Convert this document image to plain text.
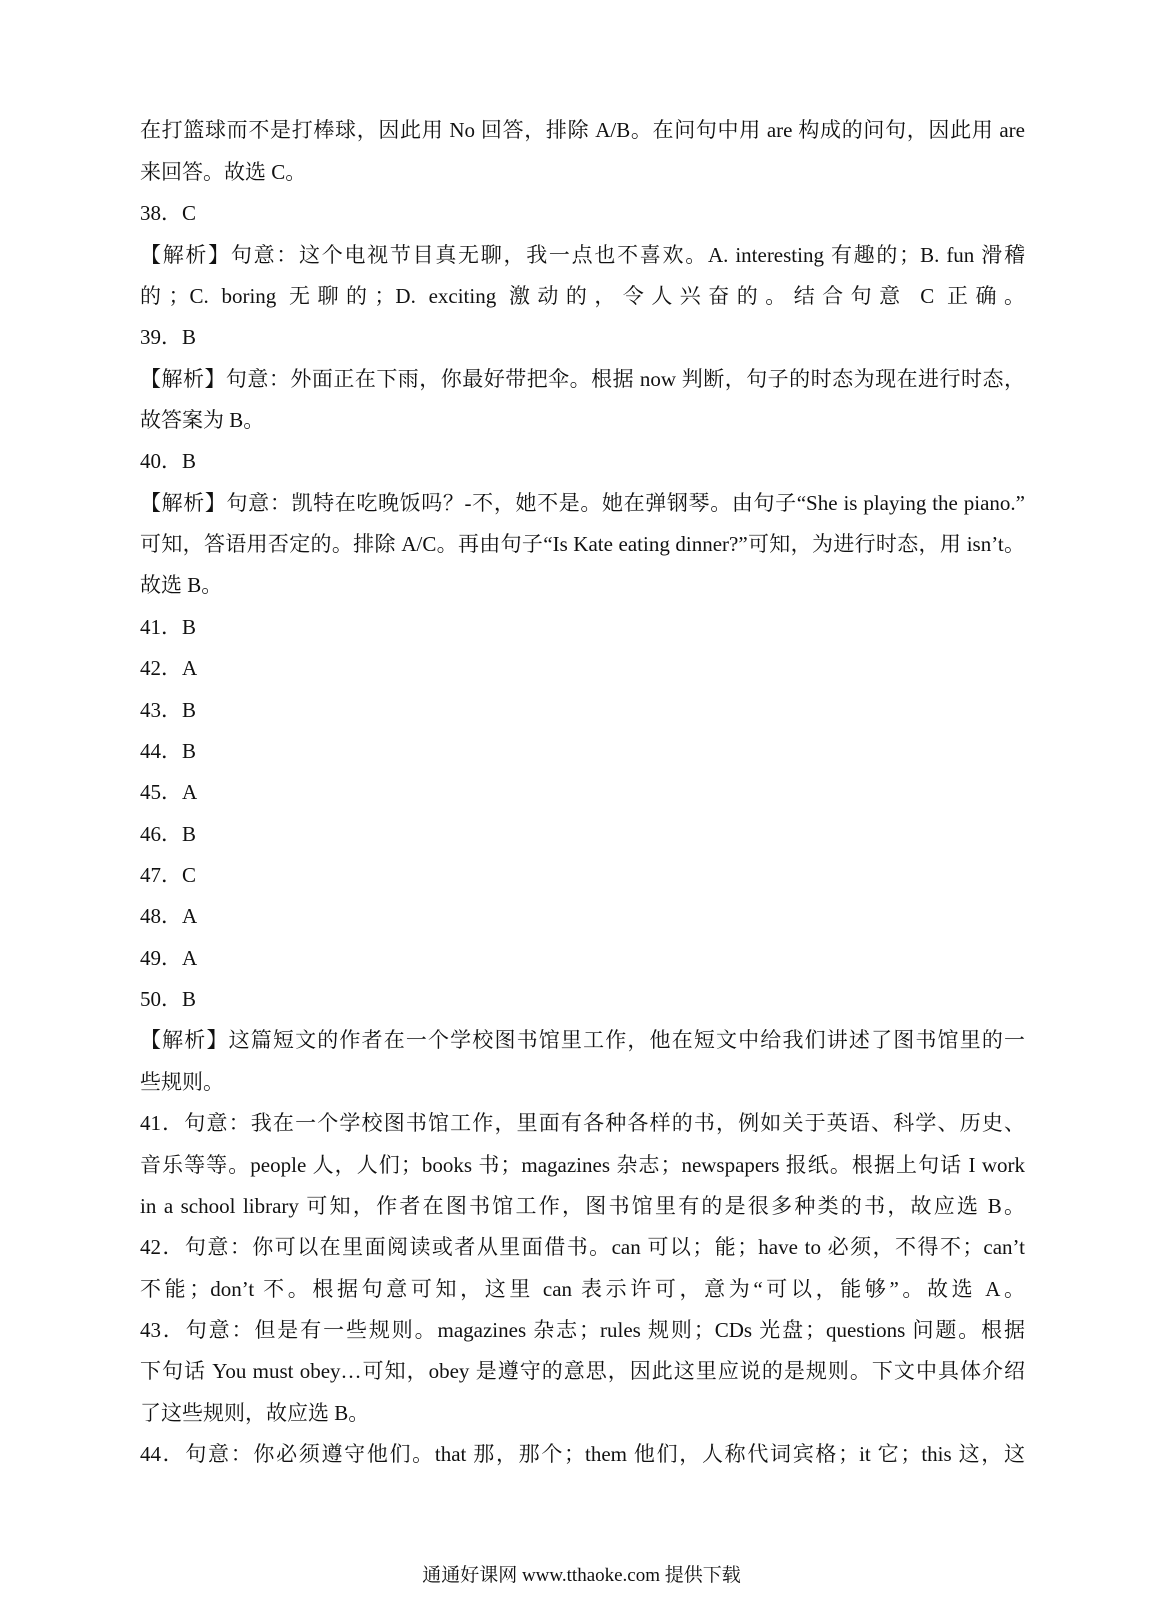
在打篮球而不是打棒球，因此用 No 回答，排除 A/B。在问句中用 are 构成的问句，因此用 are
来回答。故选 C。
38．C
【解析】句意：这个电视节目真无聊，我一点也不喜欢。A. interesting 有趣的；B. fun 滑稽
的；C. boring 无聊的；D. exciting 激动的，令人兴奋的。结合句意 C 正确。
39．B
【解析】句意：外面正在下雨，你最好带把伞。根据 now 判断，句子的时态为现在进行时态，
故答案为 B。
40．B
【解析】句意：凯特在吃晚饭吗？-不，她不是。她在弹钢琴。由句子“She is playing the piano.”
可知，答语用否定的。排除 A/C。再由句子“Is Kate eating dinner?”可知，为进行时态，用 isn’t。
故选 B。
41．B
42．A
43．B
44．B
45．A
46．B
47．C
48．A
49．A
50．B
【解析】这篇短文的作者在一个学校图书馆里工作，他在短文中给我们讲述了图书馆里的一
些规则。
41．句意：我在一个学校图书馆工作，里面有各种各样的书，例如关于英语、科学、历史、
音乐等等。people 人，人们；books 书；magazines 杂志；newspapers 报纸。根据上句话 I work
in a school library 可知，作者在图书馆工作，图书馆里有的是很多种类的书，故应选 B。
42．句意：你可以在里面阅读或者从里面借书。can 可以；能；have to 必须，不得不；can’t
不能；don’t 不。根据句意可知，这里 can 表示许可，意为“可以，能够”。故选 A。
43．句意：但是有一些规则。magazines 杂志；rules 规则；CDs 光盘；questions 问题。根据
下句话 You must obey…可知，obey 是遵守的意思，因此这里应说的是规则。下文中具体介绍
了这些规则，故应选 B。
44．句意：你必须遵守他们。that 那，那个；them 他们，人称代词宾格；it 它；this 这，这
通通好课网 www.tthaoke.com 提供下载
